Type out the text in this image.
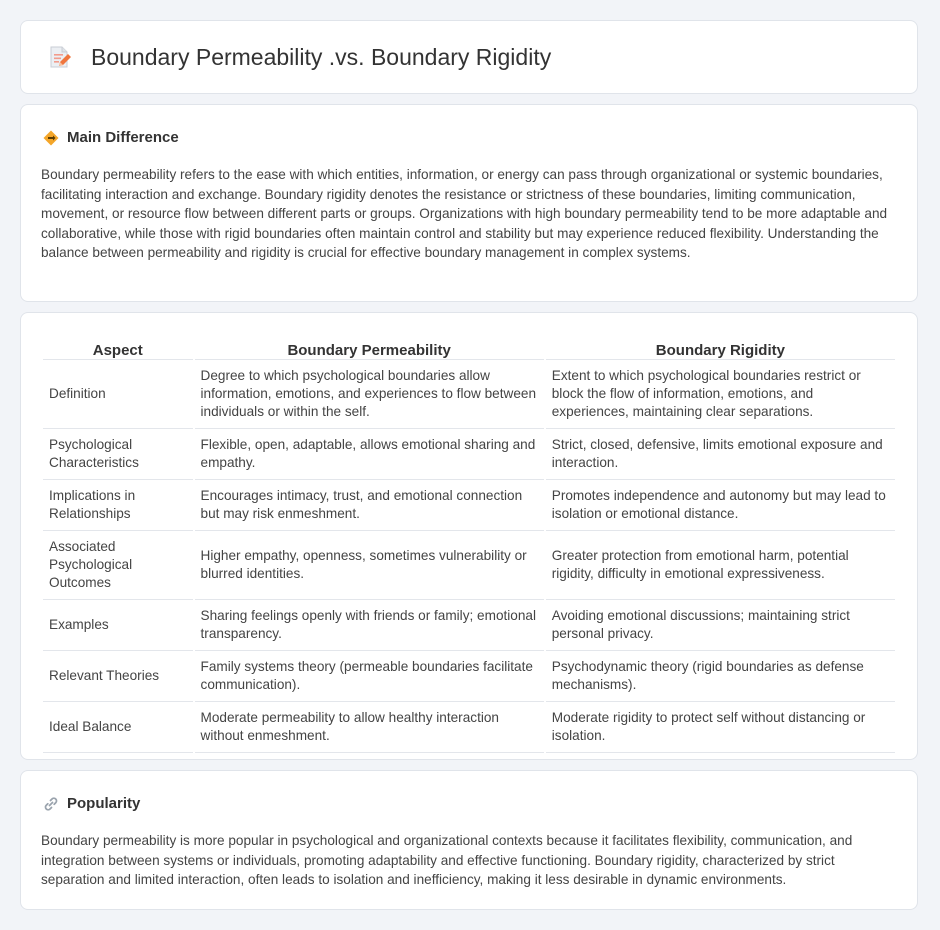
Boundary Permeability .vs. Boundary Rigidity
Main Difference
Boundary permeability refers to the ease with which entities, information, or energy can pass through organizational or systemic boundaries, facilitating interaction and exchange. Boundary rigidity denotes the resistance or strictness of these boundaries, limiting communication, movement, or resource flow between different parts or groups. Organizations with high boundary permeability tend to be more adaptable and collaborative, while those with rigid boundaries often maintain control and stability but may experience reduced flexibility. Understanding the balance between permeability and rigidity is crucial for effective boundary management in complex systems.
Aspect	Boundary Permeability	Boundary Rigidity
Definition	Degree to which psychological boundaries allow information, emotions, and experiences to flow between individuals or within the self.	Extent to which psychological boundaries restrict or block the flow of information, emotions, and experiences, maintaining clear separations.
Psychological Characteristics	Flexible, open, adaptable, allows emotional sharing and empathy.	Strict, closed, defensive, limits emotional exposure and interaction.
Implications in Relationships	Encourages intimacy, trust, and emotional connection but may risk enmeshment.	Promotes independence and autonomy but may lead to isolation or emotional distance.
Associated Psychological Outcomes	Higher empathy, openness, sometimes vulnerability or blurred identities.	Greater protection from emotional harm, potential rigidity, difficulty in emotional expressiveness.
Examples	Sharing feelings openly with friends or family; emotional transparency.	Avoiding emotional discussions; maintaining strict personal privacy.
Relevant Theories	Family systems theory (permeable boundaries facilitate communication).	Psychodynamic theory (rigid boundaries as defense mechanisms).
Ideal Balance	Moderate permeability to allow healthy interaction without enmeshment.	Moderate rigidity to protect self without distancing or isolation.
Popularity
Boundary permeability is more popular in psychological and organizational contexts because it facilitates flexibility, communication, and integration between systems or individuals, promoting adaptability and effective functioning. Boundary rigidity, characterized by strict separation and limited interaction, often leads to isolation and inefficiency, making it less desirable in dynamic environments.
